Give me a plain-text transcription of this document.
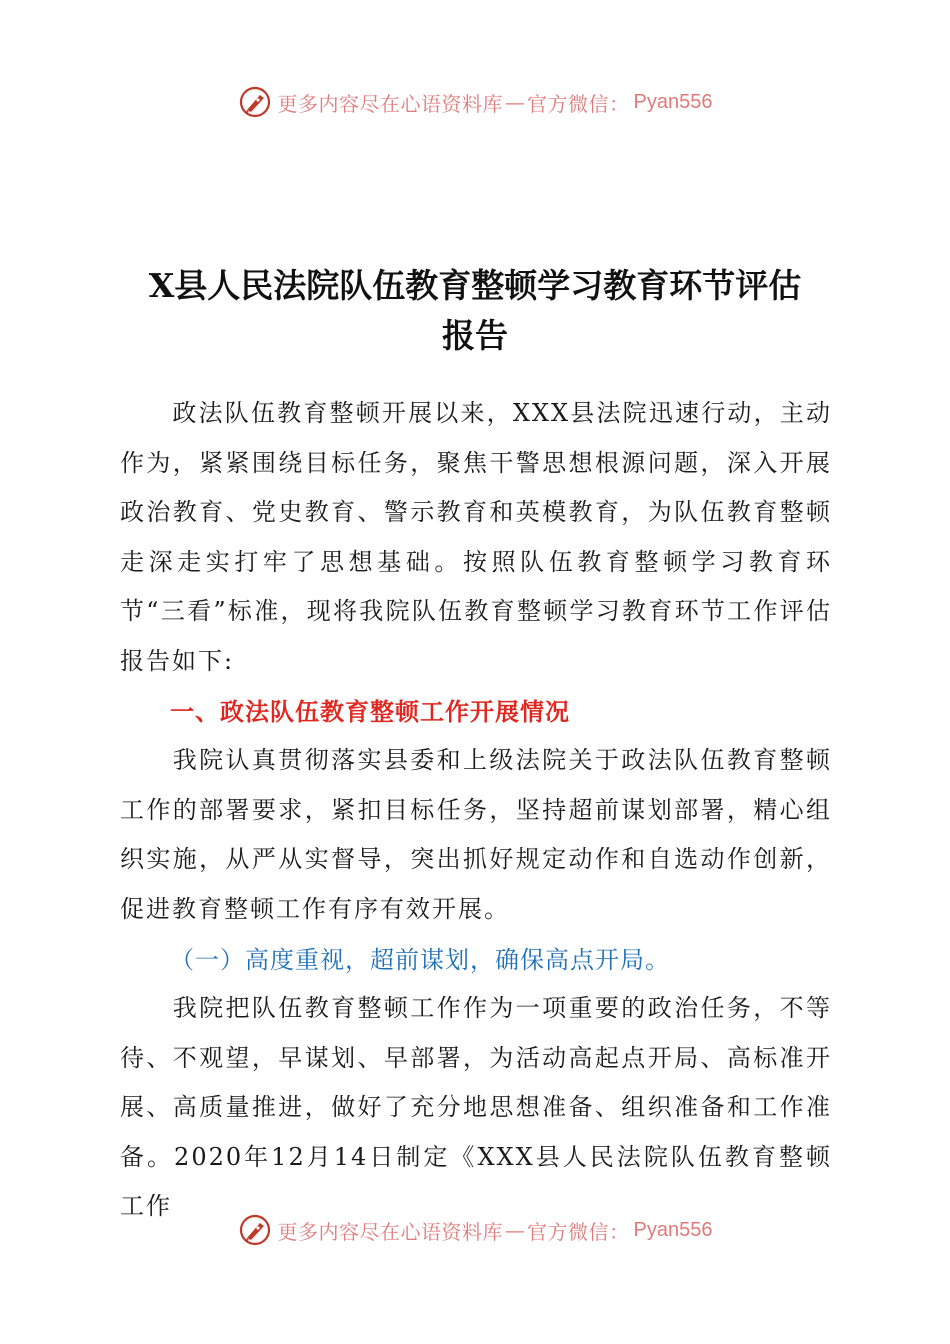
更多内容尽在心语资料库 — 官方微信： Pyan556
X县人民法院队伍教育整顿学习教育环节评估
报告

　　政法队伍教育整顿开展以来，XXX县法院迅速行动，主动作为，紧紧围绕目标任务，聚焦干警思想根源问题，深入开展政治教育、党史教育、警示教育和英模教育，为队伍教育整顿走深走实打牢了思想基础。按照队伍教育整顿学习教育环节“三看”标准，现将我院队伍教育整顿学习教育环节工作评估报告如下:

一、政法队伍教育整顿工作开展情况

　　我院认真贯彻落实县委和上级法院关于政法队伍教育整顿工作的部署要求，紧扣目标任务，坚持超前谋划部署，精心组织实施，从严从实督导，突出抓好规定动作和自选动作创新，促进教育整顿工作有序有效开展。

（一）高度重视，超前谋划，确保高点开局。

　　我院把队伍教育整顿工作作为一项重要的政治任务，不等待、不观望，早谋划、早部署，为活动高起点开局、高标准开展、高质量推进，做好了充分地思想准备、组织准备和工作准备。2020年12月14日制定《XXX县人民法院队伍教育整顿工作

更多内容尽在心语资料库 — 官方微信： Pyan556
